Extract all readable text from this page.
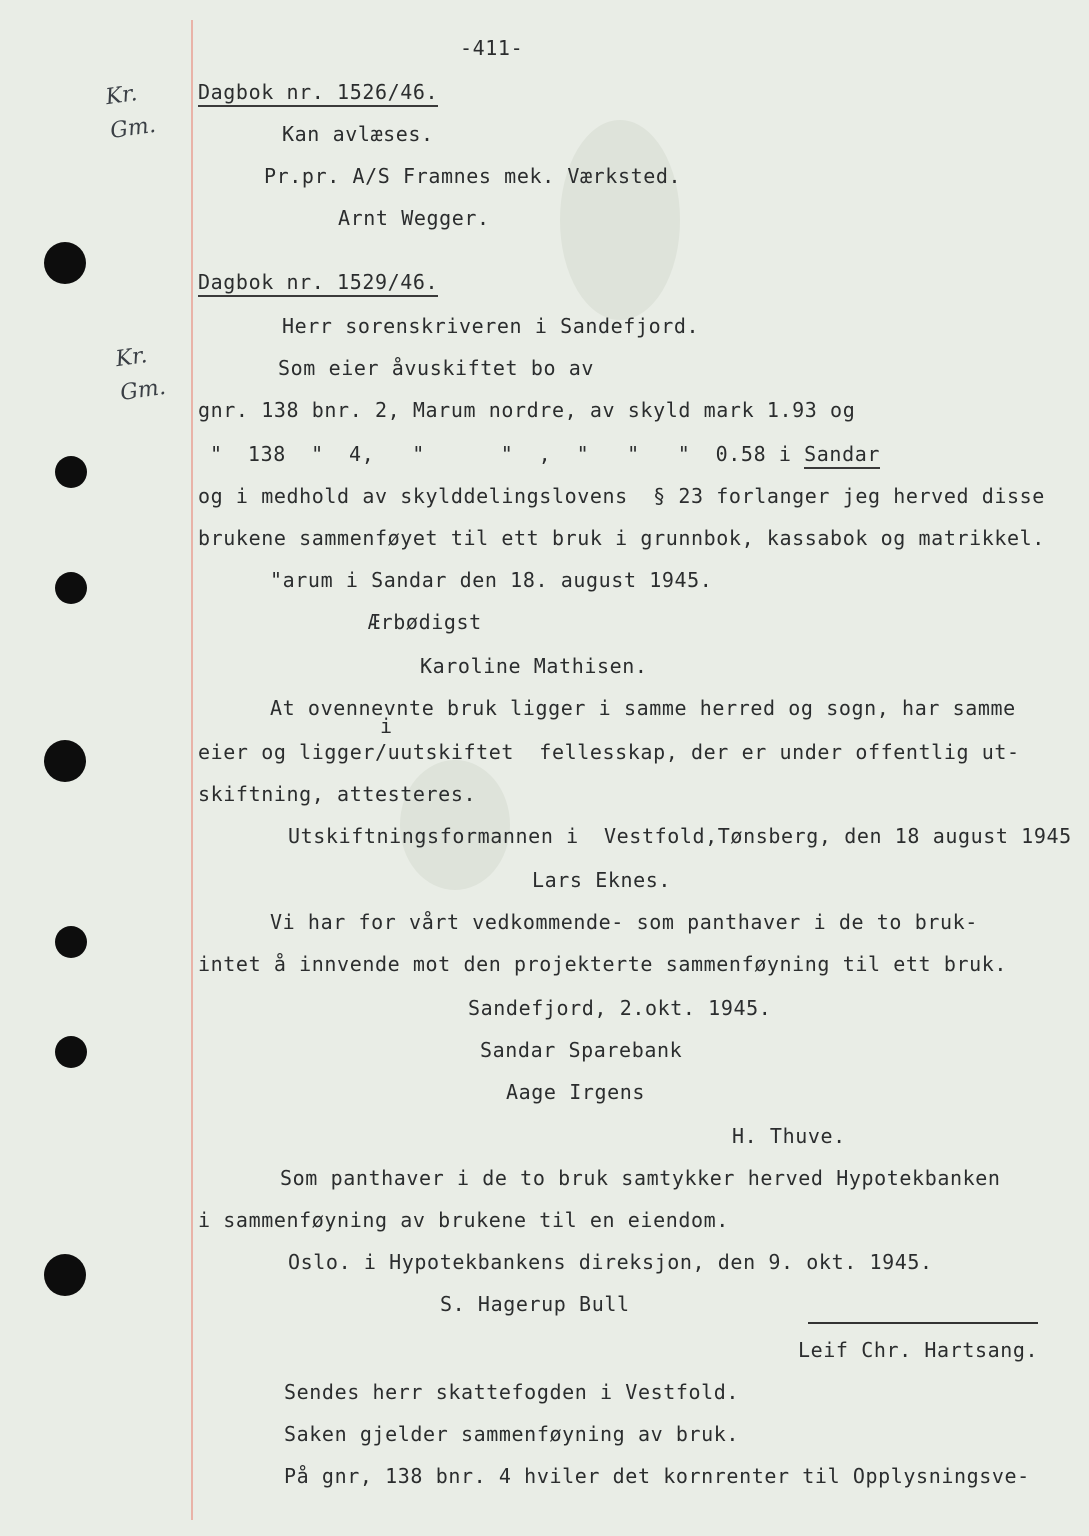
Kr.
Gm.
Kr.
Gm.
-411-
Dagbok nr. 1526/46.
Kan avlæses.
Pr.pr. A/S Framnes mek. Værksted.
Arnt Wegger.
Dagbok nr. 1529/46.
Herr sorenskriveren i Sandefjord.
Som eier åvuskiftet bo av
gnr. 138 bnr. 2, Marum nordre, av skyld mark 1.93 og
"  138  "  4,   "      "  ,  "   "   "  0.58 i Sandar
og i medhold av skylddelingslovens  § 23 forlanger jeg herved disse
brukene sammenføyet til ett bruk i grunnbok, kassabok og matrikkel.
"arum i Sandar den 18. august 1945.
Ærbødigst
Karoline Mathisen.
At ovennevnte bruk ligger i samme herred og sogn, har samme
i
eier og ligger/uutskiftet  fellesskap, der er under offentlig ut-
skiftning, attesteres.
Utskiftningsformannen i  Vestfold,Tønsberg, den 18 august 1945
Lars Eknes.
Vi har for vårt vedkommende- som panthaver i de to bruk-
intet å innvende mot den projekterte sammenføyning til ett bruk.
Sandefjord, 2.okt. 1945.
Sandar Sparebank
Aage Irgens
H. Thuve.
Som panthaver i de to bruk samtykker herved Hypotekbanken
i sammenføyning av brukene til en eiendom.
Oslo. i Hypotekbankens direksjon, den 9. okt. 1945.
S. Hagerup Bull
Leif Chr. Hartsang.
Sendes herr skattefogden i Vestfold.
Saken gjelder sammenføyning av bruk.
På gnr, 138 bnr. 4 hviler det kornrenter til Opplysningsve-
